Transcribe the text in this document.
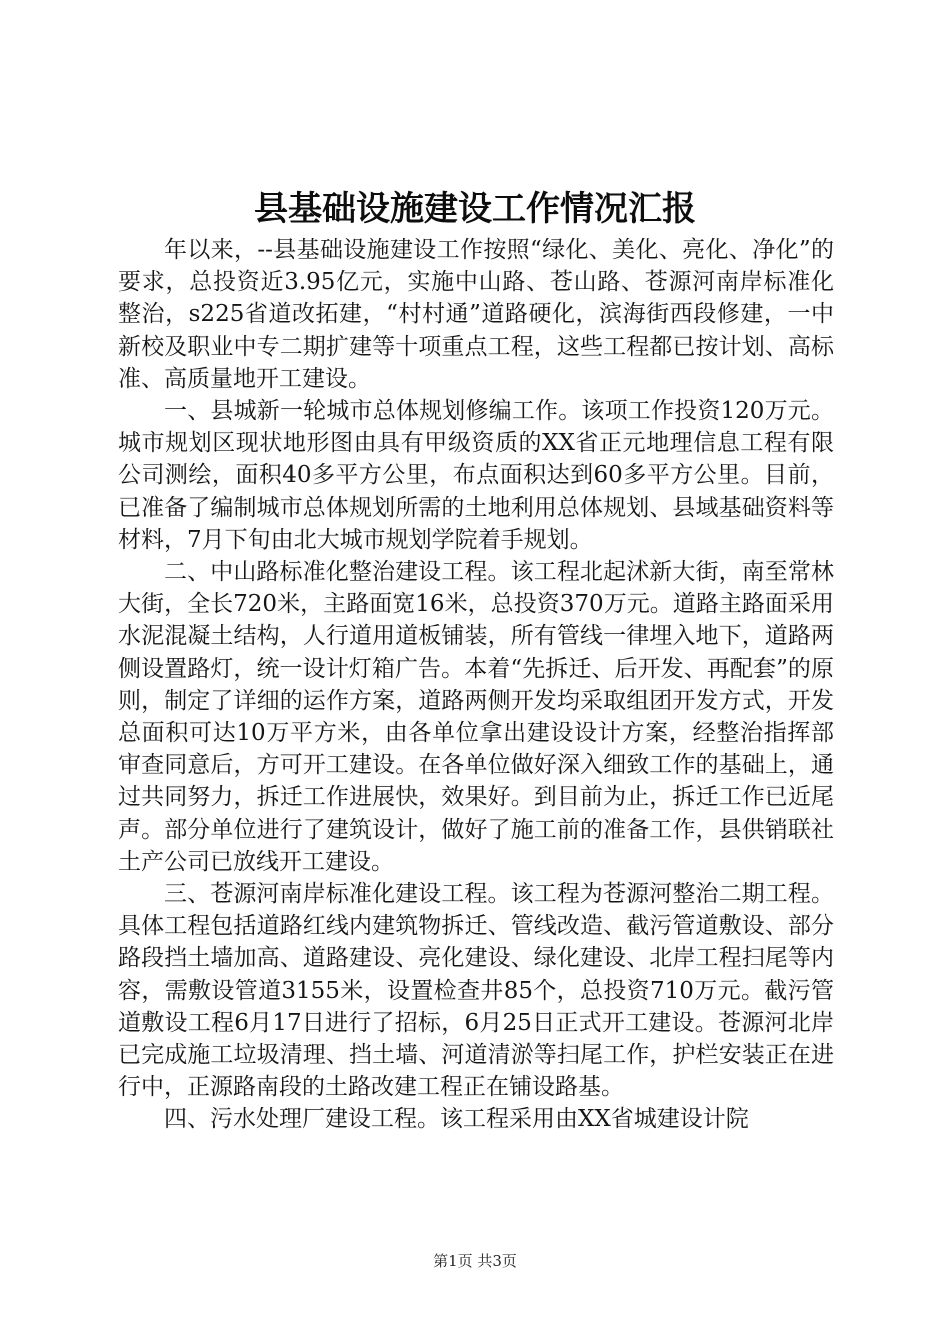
县基础设施建设工作情况汇报

年以来，--县基础设施建设工作按照“绿化、美化、亮化、净化”的要求，总投资近3.95亿元，实施中山路、苍山路、苍源河南岸标准化整治，s225省道改拓建，“村村通”道路硬化，滨海街西段修建，一中新校及职业中专二期扩建等十项重点工程，这些工程都已按计划、高标准、高质量地开工建设。

一、县城新一轮城市总体规划修编工作。该项工作投资120万元。城市规划区现状地形图由具有甲级资质的XX省正元地理信息工程有限公司测绘，面积40多平方公里，布点面积达到60多平方公里。目前，已准备了编制城市总体规划所需的土地利用总体规划、县域基础资料等材料，7月下旬由北大城市规划学院着手规划。

二、中山路标准化整治建设工程。该工程北起沭新大街，南至常林大街，全长720米，主路面宽16米，总投资370万元。道路主路面采用水泥混凝土结构，人行道用道板铺装，所有管线一律埋入地下，道路两侧设置路灯，统一设计灯箱广告。本着“先拆迁、后开发、再配套”的原则，制定了详细的运作方案，道路两侧开发均采取组团开发方式，开发总面积可达10万平方米，由各单位拿出建设设计方案，经整治指挥部审查同意后，方可开工建设。在各单位做好深入细致工作的基础上，通过共同努力，拆迁工作进展快，效果好。到目前为止，拆迁工作已近尾声。部分单位进行了建筑设计，做好了施工前的准备工作，县供销联社土产公司已放线开工建设。

三、苍源河南岸标准化建设工程。该工程为苍源河整治二期工程。具体工程包括道路红线内建筑物拆迁、管线改造、截污管道敷设、部分路段挡土墙加高、道路建设、亮化建设、绿化建设、北岸工程扫尾等内容，需敷设管道3155米，设置检查井85个，总投资710万元。截污管道敷设工程6月17日进行了招标，6月25日正式开工建设。苍源河北岸已完成施工垃圾清理、挡土墙、河道清淤等扫尾工作，护栏安装正在进行中，正源路南段的土路改建工程正在铺设路基。

四、污水处理厂建设工程。该工程采用由XX省城建设计院

第1页 共3页
